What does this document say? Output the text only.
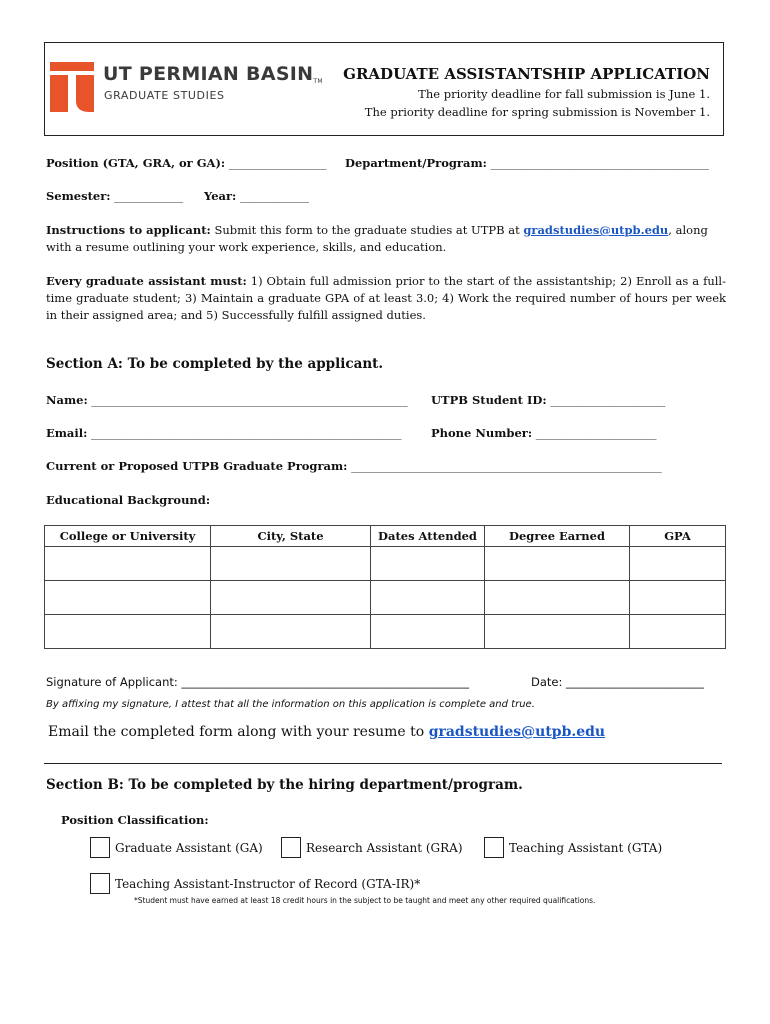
UT PERMIAN BASINTM
GRADUATE STUDIES
GRADUATE ASSISTANTSHIP APPLICATION
The priority deadline for fall submission is June 1.
The priority deadline for spring submission is November 1.
Position (GTA, GRA, or GA): _________________ Department/Program: ______________________________________
Semester: ____________ Year: ____________
Instructions to applicant: Submit this form to the graduate studies at UTPB at gradstudies@utpb.edu, along with a resume outlining your work experience, skills, and education.
Every graduate assistant must: 1) Obtain full admission prior to the start of the assistantship; 2) Enroll as a full-time graduate student; 3) Maintain a graduate GPA of at least 3.0; 4) Work the required number of hours per week in their assigned area; and 5) Successfully fulfill assigned duties.
Section A: To be completed by the applicant.
Name: _______________________________________________________ UTPB Student ID: ____________________
Email: ______________________________________________________	Phone Number: _____________________
Current or Proposed UTPB Graduate Program: ______________________________________________________
Educational Background:
College or University	City, State	Dates Attended	Degree Earned	GPA

Signature of Applicant: __________________________________________________	Date: ________________________
By affixing my signature, I attest that all the information on this application is complete and true.
Email the completed form along with your resume to gradstudies@utpb.edu
Section B: To be completed by the hiring department/program.
Position Classification:
Graduate Assistant (GA)	Research Assistant (GRA)	Teaching Assistant (GTA)
Teaching Assistant-Instructor of Record (GTA-IR)*
*Student must have earned at least 18 credit hours in the subject to be taught and meet any other required qualifications.
